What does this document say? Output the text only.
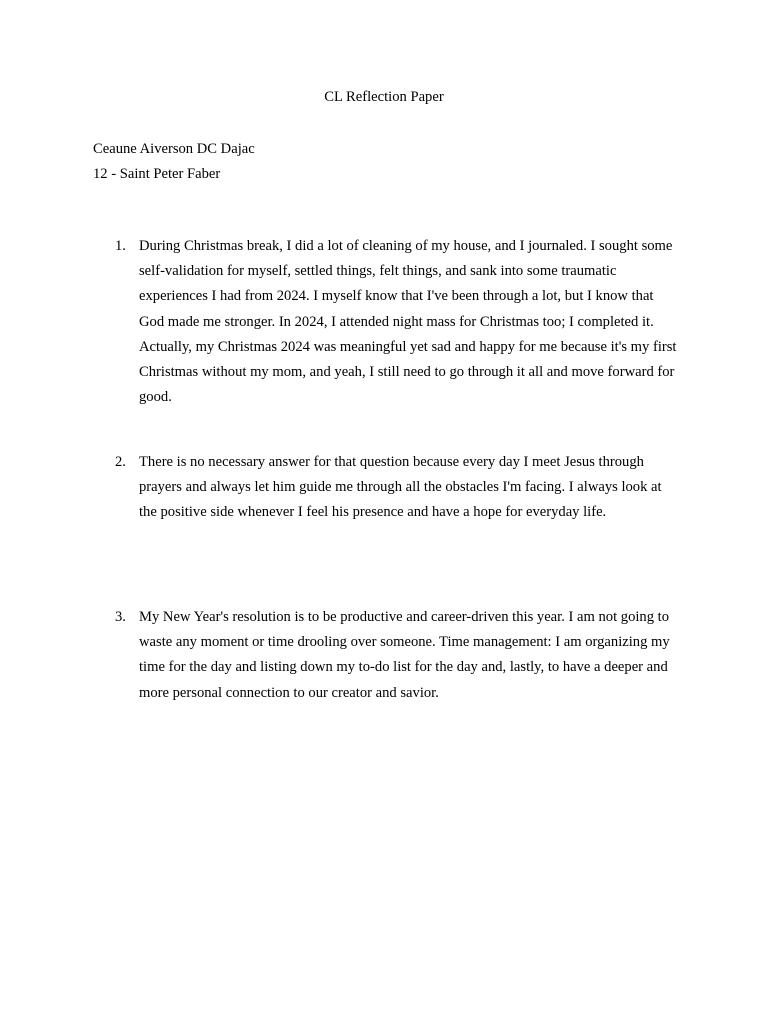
CL Reflection Paper
Ceaune Aiverson DC Dajac
12 - Saint Peter Faber
1. During Christmas break, I did a lot of cleaning of my house, and I journaled. I sought some self-validation for myself, settled things, felt things, and sank into some traumatic experiences I had from 2024. I myself know that I've been through a lot, but I know that God made me stronger. In 2024, I attended night mass for Christmas too; I completed it. Actually, my Christmas 2024 was meaningful yet sad and happy for me because it's my first Christmas without my mom, and yeah, I still need to go through it all and move forward for good.
2. There is no necessary answer for that question because every day I meet Jesus through prayers and always let him guide me through all the obstacles I'm facing. I always look at the positive side whenever I feel his presence and have a hope for everyday life.
3. My New Year's resolution is to be productive and career-driven this year. I am not going to waste any moment or time drooling over someone. Time management: I am organizing my time for the day and listing down my to-do list for the day and, lastly, to have a deeper and more personal connection to our creator and savior.
